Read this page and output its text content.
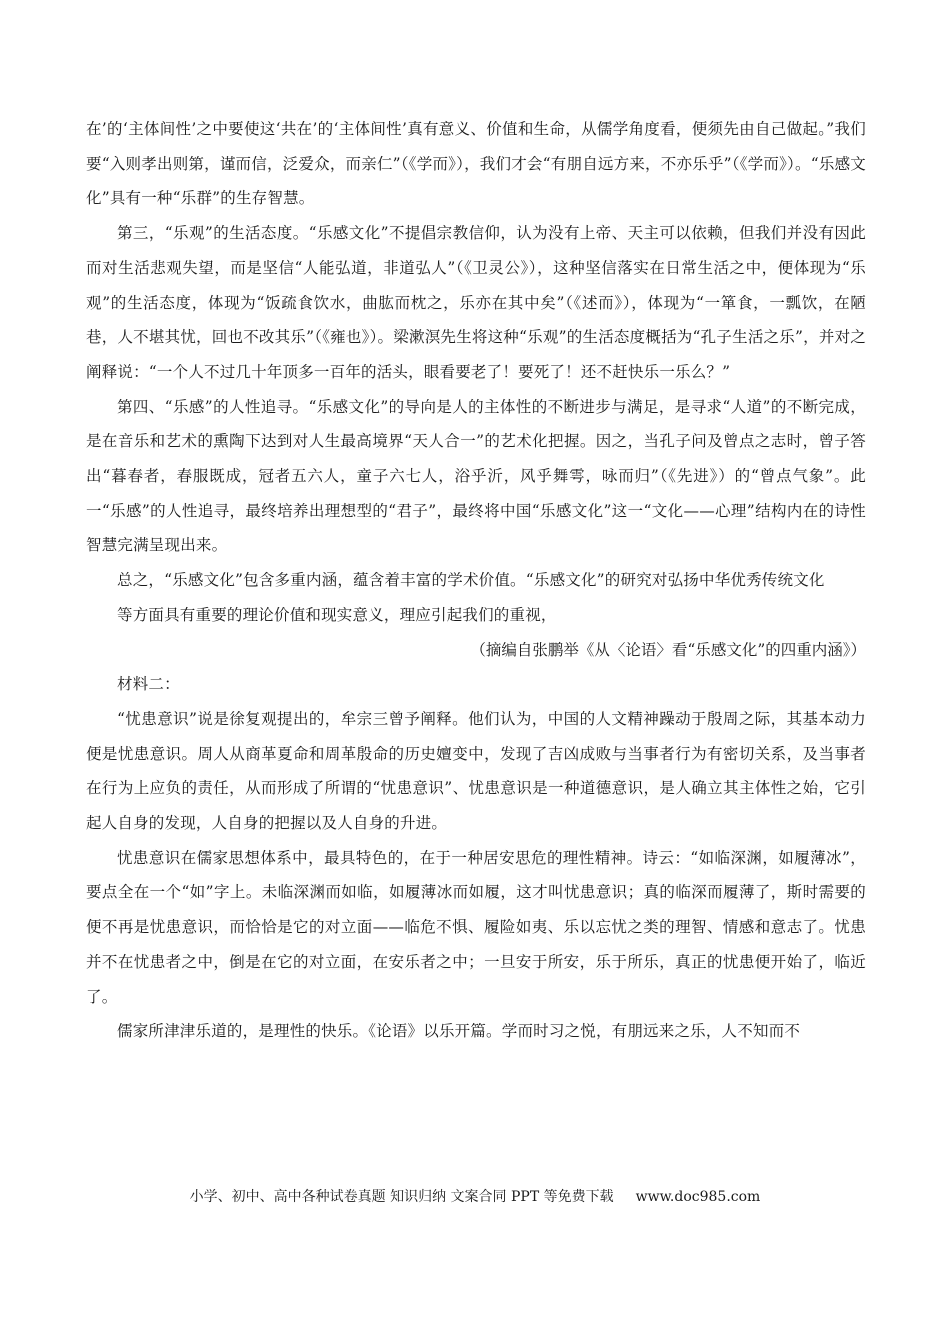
在’的‘主体间性’之中要使这‘共在’的‘主体间性’真有意义、价值和生命，从儒学角度看，便须先由自己做起。”我们要“入则孝出则第，谨而信，泛爱众，而亲仁”（《学而》），我们才会“有朋自远方来，不亦乐乎”（《学而》）。“乐感文化”具有一种“乐群”的生存智慧。

第三，“乐观”的生活态度。“乐感文化”不提倡宗教信仰，认为没有上帝、天主可以依赖，但我们并没有因此而对生活悲观失望，而是坚信“人能弘道，非道弘人”（《卫灵公》），这种坚信落实在日常生活之中，便体现为“乐观”的生活态度，体现为“饭疏食饮水，曲肱而枕之，乐亦在其中矣”（《述而》），体现为“一箪食，一瓢饮，在陋巷，人不堪其忧，回也不改其乐”（《雍也》）。梁漱溟先生将这种“乐观”的生活态度概括为“孔子生活之乐”，并对之阐释说：“一个人不过几十年顶多一百年的活头，眼看要老了！要死了！还不赶快乐一乐么？”

第四、“乐感”的人性追寻。“乐感文化”的导向是人的主体性的不断进步与满足，是寻求“人道”的不断完成，是在音乐和艺术的熏陶下达到对人生最高境界“天人合一”的艺术化把握。因之，当孔子问及曾点之志时，曾子答出“暮春者，春服既成，冠者五六人，童子六七人，浴乎沂，风乎舞雩，咏而归”（《先进》）的“曾点气象”。此一“乐感”的人性追寻，最终培养出理想型的“君子”，最终将中国“乐感文化”这一“文化——心理”结构内在的诗性智慧完满呈现出来。

总之，“乐感文化”包含多重内涵，蕴含着丰富的学术价值。“乐感文化”的研究对弘扬中华优秀传统文化

等方面具有重要的理论价值和现实意义，理应引起我们的重视，

（摘编自张鹏举《从〈论语〉看“乐感文化”的四重内涵》）

材料二：

“忧患意识”说是徐复观提出的，牟宗三曾予阐释。他们认为，中国的人文精神躁动于殷周之际，其基本动力便是忧患意识。周人从商革夏命和周革殷命的历史嬗变中，发现了吉凶成败与当事者行为有密切关系，及当事者在行为上应负的责任，从而形成了所谓的“忧患意识”、忧患意识是一种道德意识，是人确立其主体性之始，它引起人自身的发现，人自身的把握以及人自身的升进。

忧患意识在儒家思想体系中，最具特色的，在于一种居安思危的理性精神。诗云：“如临深渊，如履薄冰”，要点全在一个“如”字上。未临深渊而如临，如履薄冰而如履，这才叫忧患意识；真的临深而履薄了，斯时需要的便不再是忧患意识，而恰恰是它的对立面——临危不惧、履险如夷、乐以忘忧之类的理智、情感和意志了。忧患并不在忧患者之中，倒是在它的对立面，在安乐者之中；一旦安于所安，乐于所乐，真正的忧患便开始了，临近了。

儒家所津津乐道的，是理性的快乐。《论语》以乐开篇。学而时习之悦，有朋远来之乐，人不知而不

小学、初中、高中各种试卷真题 知识归纳 文案合同 PPT 等免费下载 www.doc985.com
